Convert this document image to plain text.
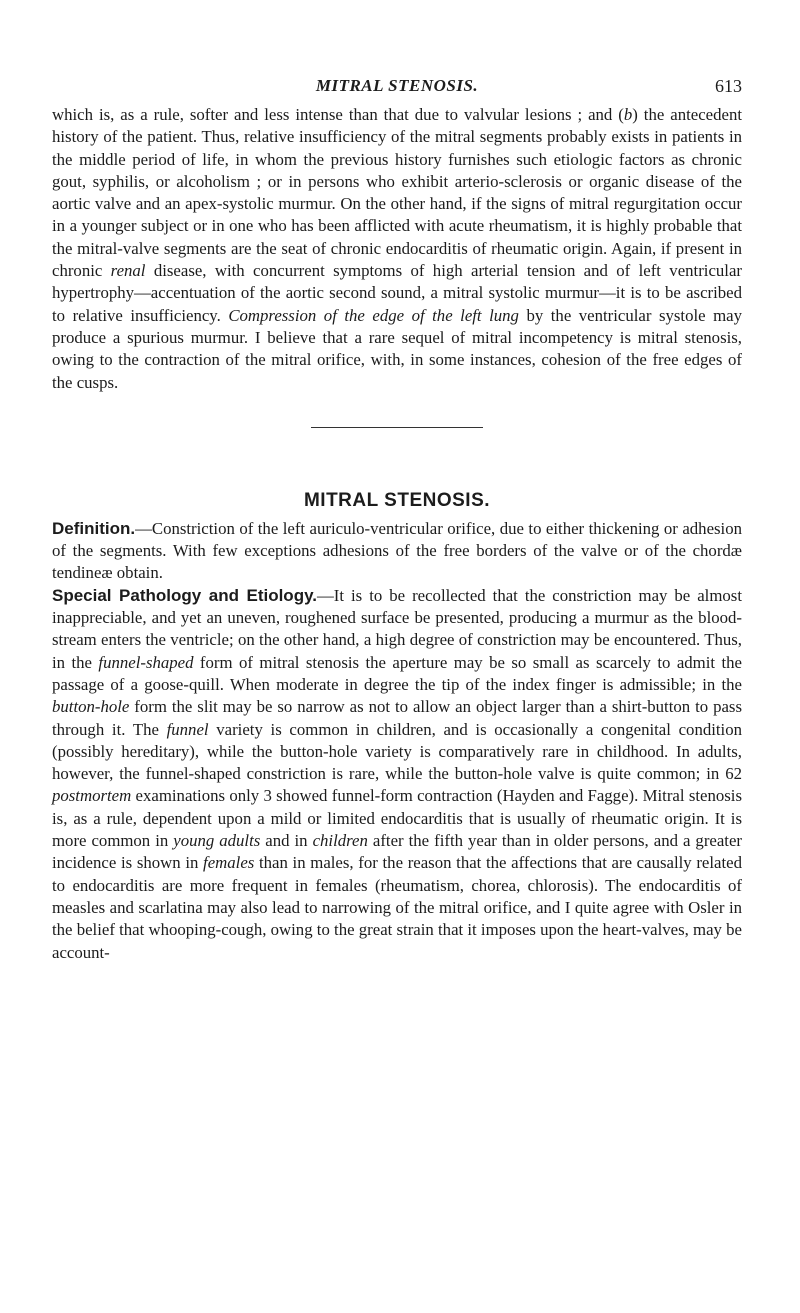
MITRAL STENOSIS.	613

which is, as a rule, softer and less intense than that due to valvular lesions ; and (b) the antecedent history of the patient. Thus, relative insufficiency of the mitral segments probably exists in patients in the middle period of life, in whom the previous history furnishes such etiologic factors as chronic gout, syphilis, or alcoholism ; or in persons who exhibit arterio-sclerosis or organic disease of the aortic valve and an apex-systolic murmur. On the other hand, if the signs of mitral regurgitation occur in a younger subject or in one who has been afflicted with acute rheumatism, it is highly probable that the mitral-valve segments are the seat of chronic endocarditis of rheumatic origin. Again, if present in chronic renal disease, with concurrent symptoms of high arterial tension and of left ventricular hypertrophy—accentuation of the aortic second sound, a mitral systolic murmur—it is to be ascribed to relative insufficiency. Compression of the edge of the left lung by the ventricular systole may produce a spurious murmur. I believe that a rare sequel of mitral incompetency is mitral stenosis, owing to the contraction of the mitral orifice, with, in some instances, cohesion of the free edges of the cusps.

MITRAL STENOSIS.

Definition.—Constriction of the left auriculo-ventricular orifice, due to either thickening or adhesion of the segments. With few exceptions adhesions of the free borders of the valve or of the chordæ tendineæ obtain.

Special Pathology and Etiology.—It is to be recollected that the constriction may be almost inappreciable, and yet an uneven, roughened surface be presented, producing a murmur as the blood-stream enters the ventricle; on the other hand, a high degree of constriction may be encountered. Thus, in the funnel-shaped form of mitral stenosis the aperture may be so small as scarcely to admit the passage of a goose-quill. When moderate in degree the tip of the index finger is admissible; in the button-hole form the slit may be so narrow as not to allow an object larger than a shirt-button to pass through it. The funnel variety is common in children, and is occasionally a congenital condition (possibly hereditary), while the button-hole variety is comparatively rare in childhood. In adults, however, the funnel-shaped constriction is rare, while the button-hole valve is quite common; in 62 postmortem examinations only 3 showed funnel-form contraction (Hayden and Fagge). Mitral stenosis is, as a rule, dependent upon a mild or limited endocarditis that is usually of rheumatic origin. It is more common in young adults and in children after the fifth year than in older persons, and a greater incidence is shown in females than in males, for the reason that the affections that are causally related to endocarditis are more frequent in females (rheumatism, chorea, chlorosis). The endocarditis of measles and scarlatina may also lead to narrowing of the mitral orifice, and I quite agree with Osler in the belief that whooping-cough, owing to the great strain that it imposes upon the heart-valves, may be account-
